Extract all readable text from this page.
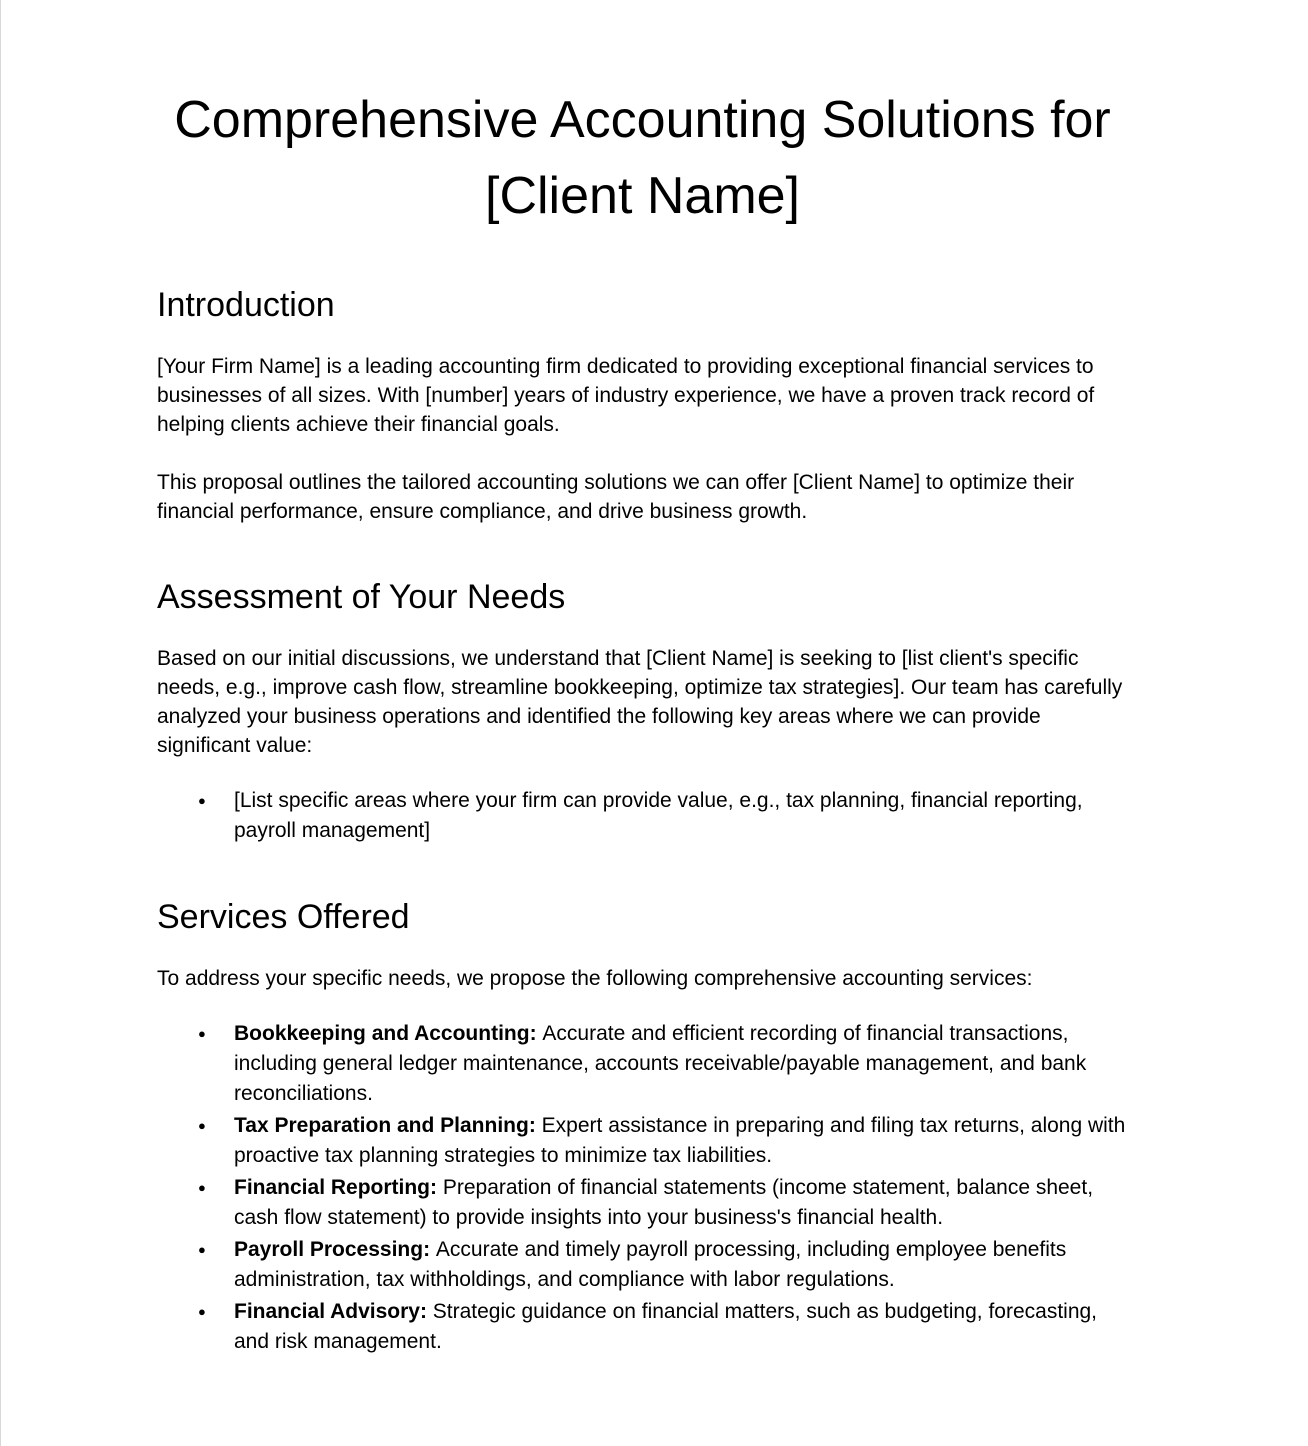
Comprehensive Accounting Solutions for [Client Name]
Introduction

[Your Firm Name] is a leading accounting firm dedicated to providing exceptional financial services to businesses of all sizes. With [number] years of industry experience, we have a proven track record of helping clients achieve their financial goals.

This proposal outlines the tailored accounting solutions we can offer [Client Name] to optimize their financial performance, ensure compliance, and drive business growth.

Assessment of Your Needs

Based on our initial discussions, we understand that [Client Name] is seeking to [list client's specific needs, e.g., improve cash flow, streamline bookkeeping, optimize tax strategies]. Our team has carefully analyzed your business operations and identified the following key areas where we can provide significant value:

● [List specific areas where your firm can provide value, e.g., tax planning, financial reporting, payroll management]
Services Offered

To address your specific needs, we propose the following comprehensive accounting services:

● Bookkeeping and Accounting: Accurate and efficient recording of financial transactions, including general ledger maintenance, accounts receivable/payable management, and bank reconciliations.
● Tax Preparation and Planning: Expert assistance in preparing and filing tax returns, along with proactive tax planning strategies to minimize tax liabilities.
● Financial Reporting: Preparation of financial statements (income statement, balance sheet, cash flow statement) to provide insights into your business's financial health.
● Payroll Processing: Accurate and timely payroll processing, including employee benefits administration, tax withholdings, and compliance with labor regulations.
● Financial Advisory: Strategic guidance on financial matters, such as budgeting, forecasting, and risk management.
